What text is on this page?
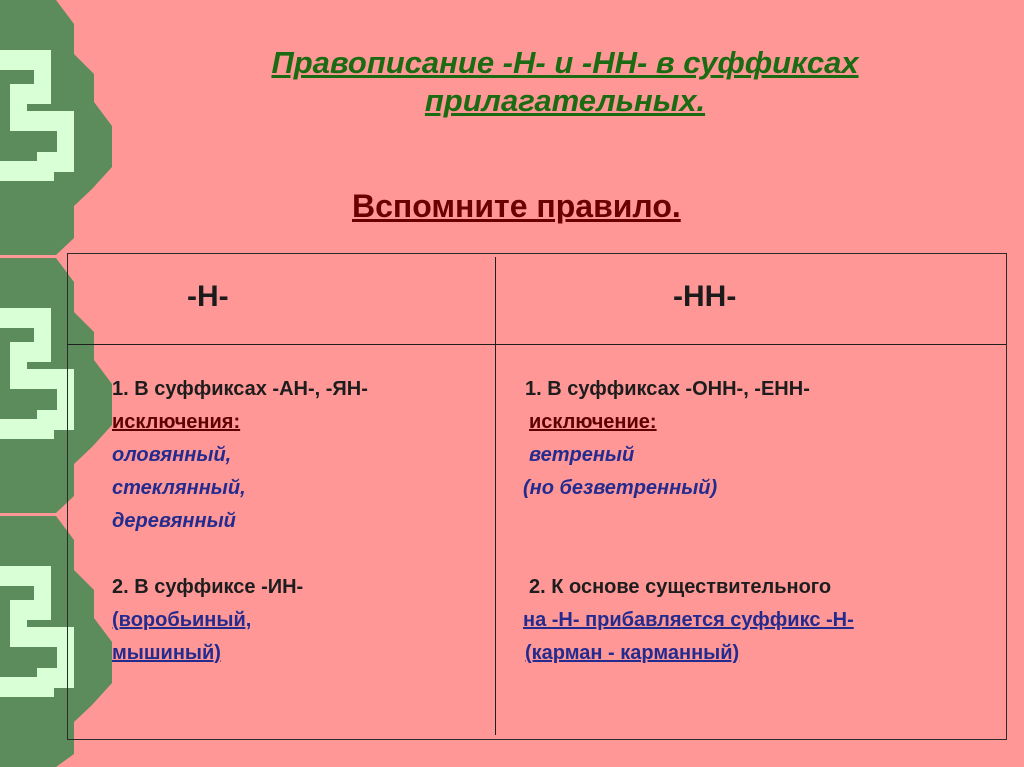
Правописание -Н- и -НН- в суффиксах
прилагательных.
Вспомните правило.
-Н-	-НН-
1. В суффиксах -АН-, -ЯН-
исключения:
оловянный,
стеклянный,
деревянный
2. В суффиксе -ИН-
(воробьиный,
мышиный)
1. В суффиксах -ОНН-, -ЕНН-
исключение:
ветреный
(но безветренный)
2. К основе существительного
на -Н- прибавляется суффикс -Н-
(карман - карманный)
